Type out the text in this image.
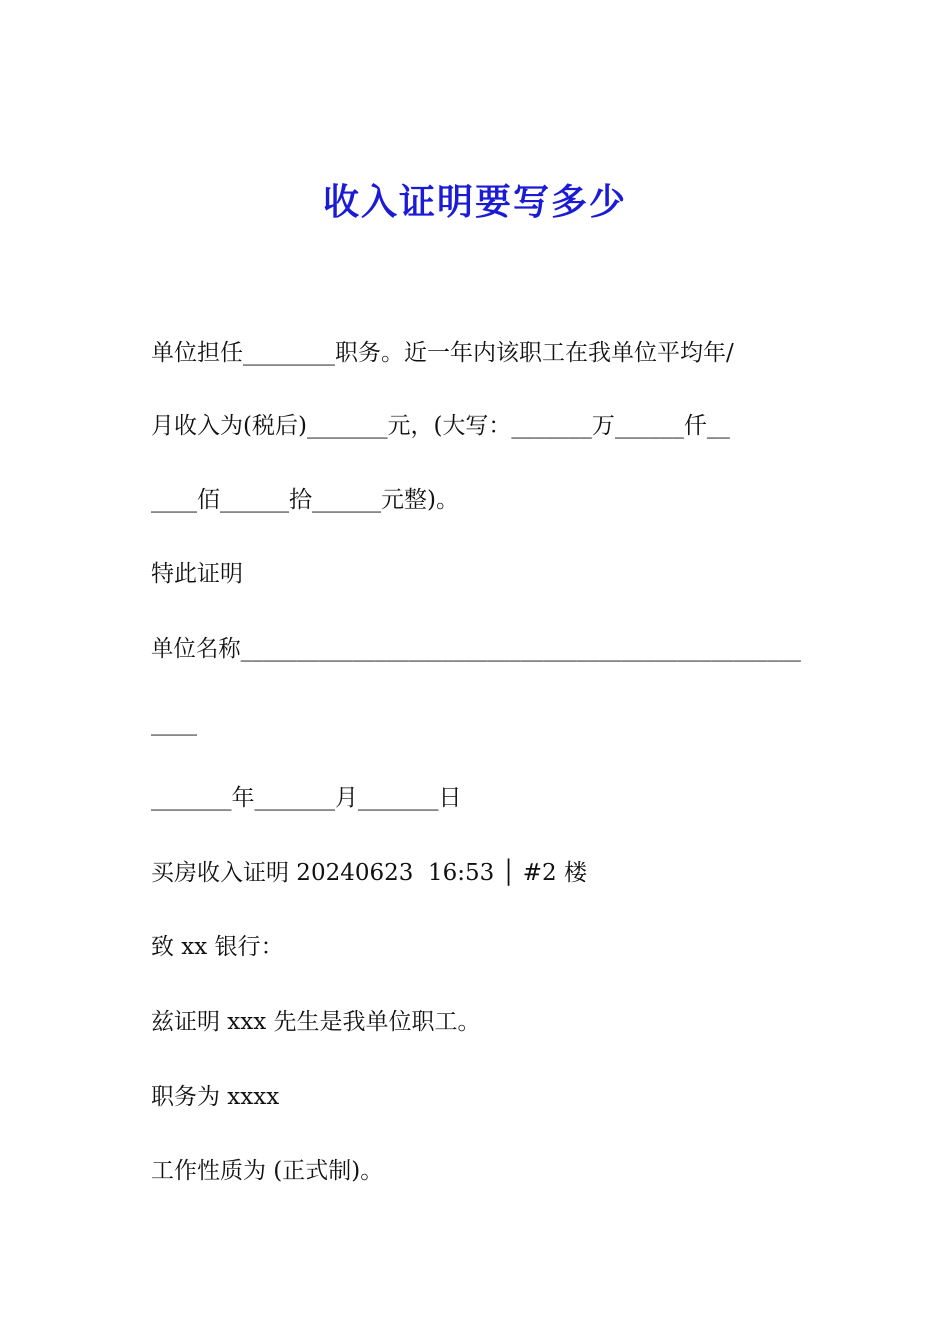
收入证明要写多少
单位担任________职务。近一年内该职工在我单位平均年/
月收入为(税后)_______元，(大写：_______万______仟__
____佰______拾______元整)。
特此证明
单位名称__________________________________________________
____
_______年_______月_______日
买房收入证明 20240623  16:53 │ #2 楼
致 xx 银行：
兹证明 xxx 先生是我单位职工。
职务为 xxxx
工作性质为 (正式制)。
